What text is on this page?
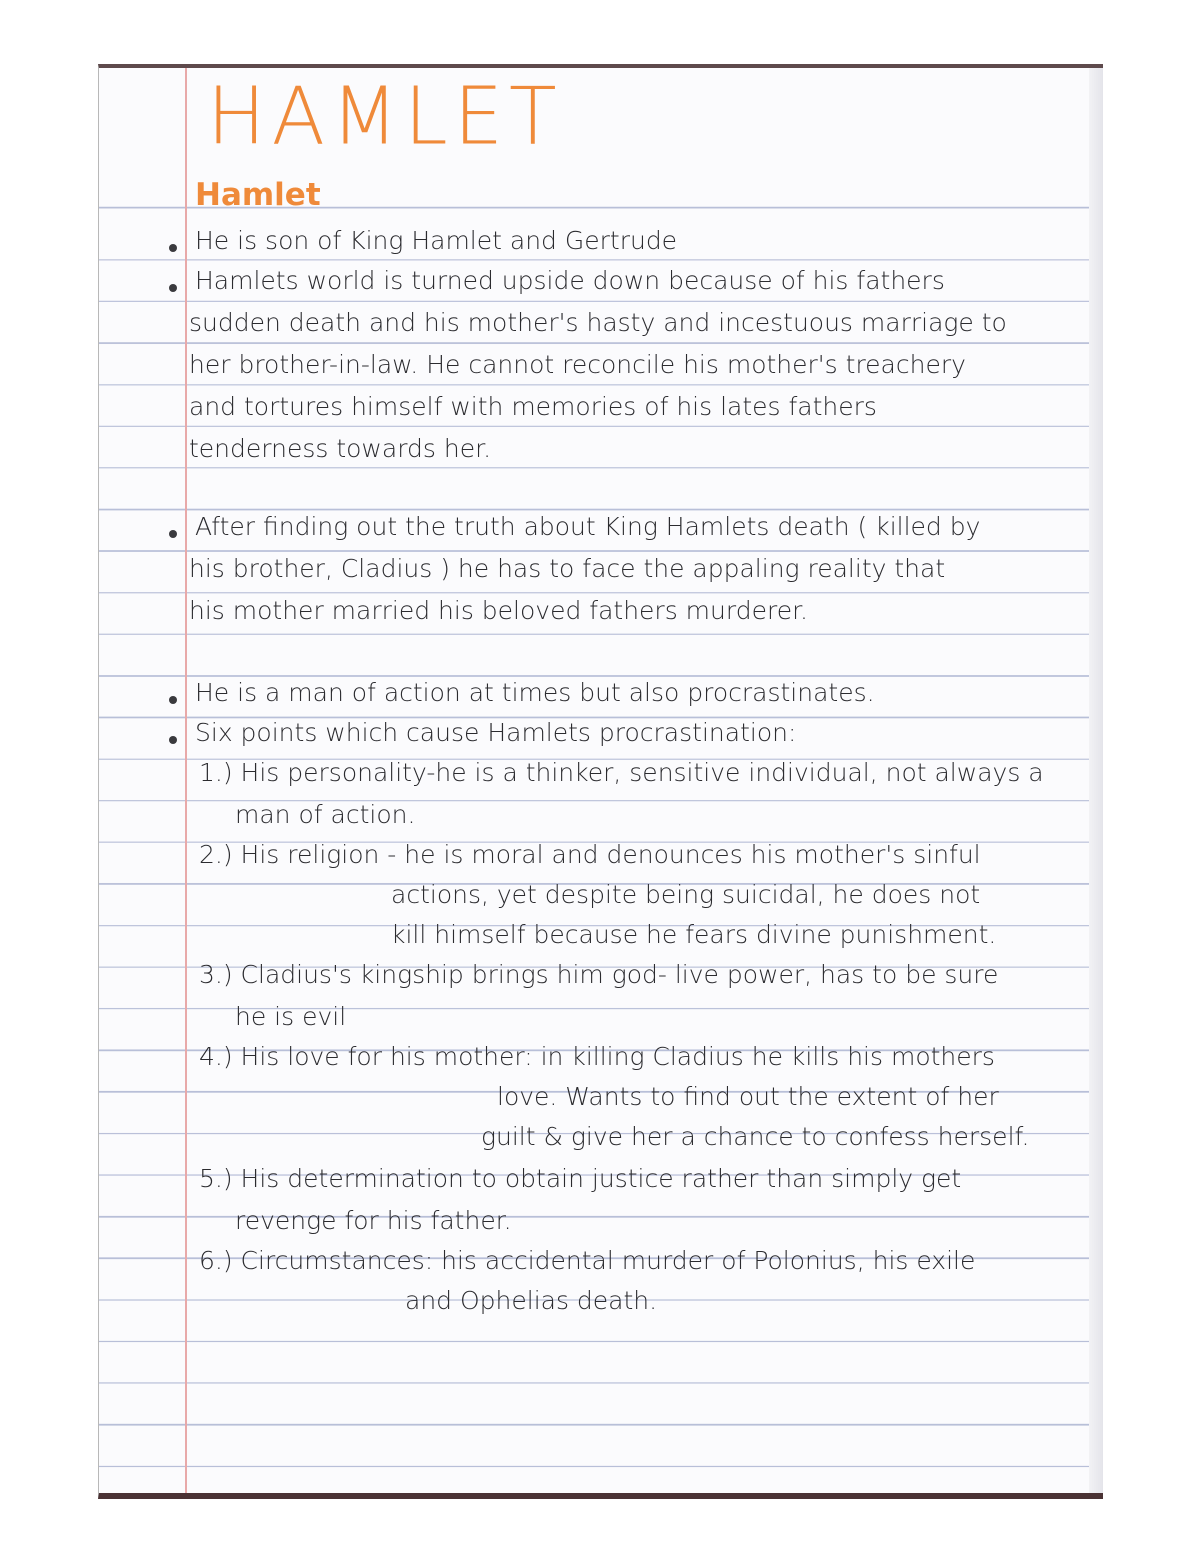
HAMLET
Hamlet

He is son of King Hamlet and Gertrude

Hamlets world is turned upside down because of his fathers

sudden death and his mother's hasty and incestuous marriage to

her brother-in-law. He cannot reconcile his mother's treachery

and tortures himself with memories of his lates fathers

tenderness towards her.

After finding out the truth about King Hamlets death ( killed by

his brother, Cladius ) he has to face the appaling reality that

his mother married his beloved fathers murderer.

He is a man of action at times but also procrastinates.

Six points which cause Hamlets procrastination:

1.) His personality-he is a thinker, sensitive individual, not always a

man of action.

2.) His religion - he is moral and denounces his mother's sinful

actions, yet despite being suicidal, he does not

kill himself because he fears divine punishment.

3.) Cladius's kingship brings him god- live power, has to be sure

he is evil

4.) His love for his mother: in killing Cladius he kills his mothers

love. Wants to find out the extent of her

guilt & give her a chance to confess herself.

5.) His determination to obtain justice rather than simply get

revenge for his father.

6.) Circumstances: his accidental murder of Polonius, his exile

and Ophelias death.
